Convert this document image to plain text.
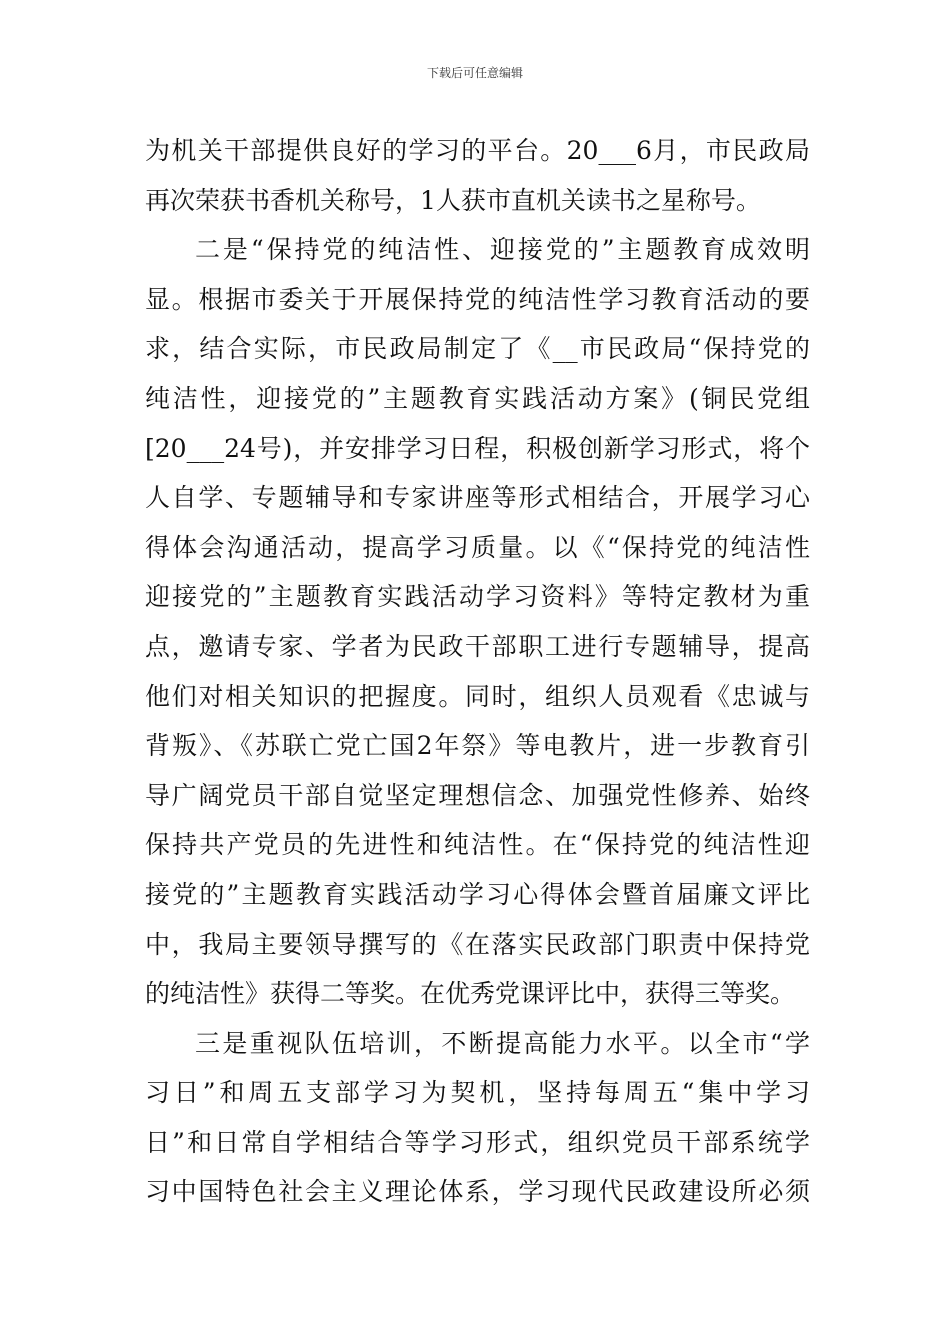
下载后可任意编辑
为机关干部提供良好的学习的平台。20___6月，市民政局
再次荣获书香机关称号，1人获市直机关读书之星称号。
二是“保持党的纯洁性、迎接党的”主题教育成效明
显。根据市委关于开展保持党的纯洁性学习教育活动的要
求，结合实际，市民政局制定了《__市民政局“保持党的
纯洁性，迎接党的”主题教育实践活动方案》(铜民党组
[20___24号)，并安排学习日程，积极创新学习形式，将个
人自学、专题辅导和专家讲座等形式相结合，开展学习心
得体会沟通活动，提高学习质量。以《“保持党的纯洁性
迎接党的”主题教育实践活动学习资料》等特定教材为重
点，邀请专家、学者为民政干部职工进行专题辅导，提高
他们对相关知识的把握度。同时，组织人员观看《忠诚与
背叛》、《苏联亡党亡国2年祭》等电教片，进一步教育引
导广阔党员干部自觉坚定理想信念、加强党性修养、始终
保持共产党员的先进性和纯洁性。在“保持党的纯洁性迎
接党的”主题教育实践活动学习心得体会暨首届廉文评比
中，我局主要领导撰写的《在落实民政部门职责中保持党
的纯洁性》获得二等奖。在优秀党课评比中，获得三等奖。
三是重视队伍培训，不断提高能力水平。以全市“学
习日”和周五支部学习为契机，坚持每周五“集中学习
日”和日常自学相结合等学习形式，组织党员干部系统学
习中国特色社会主义理论体系，学习现代民政建设所必须
